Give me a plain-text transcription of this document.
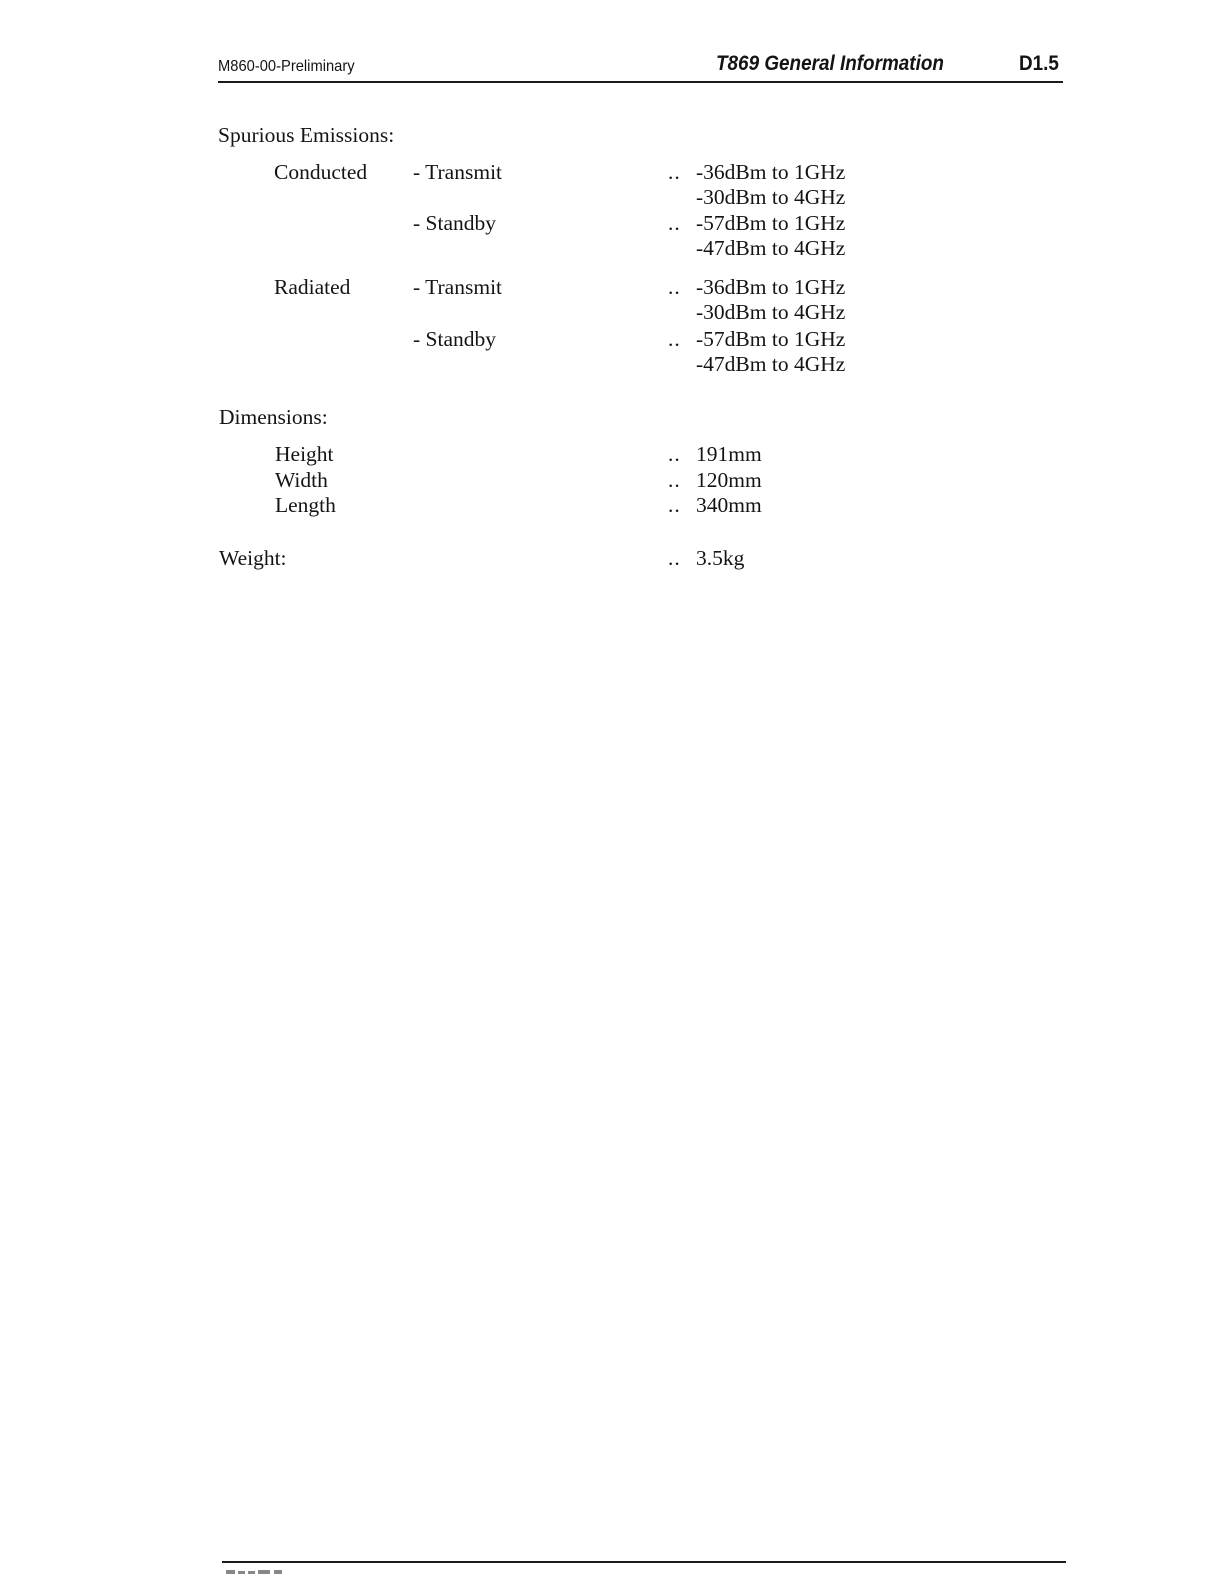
M860-00-Preliminary	T869 General Information	D1.5
Spurious Emissions:
Conducted - Transmit	.. -36dBm to 1GHz
-30dBm to 4GHz
- Standby	.. -57dBm to 1GHz
-47dBm to 4GHz
Radiated	- Transmit	.. -36dBm to 1GHz
-30dBm to 4GHz
- Standby	.. -57dBm to 1GHz
-47dBm to 4GHz
Dimensions:
Height	.. 191mm
Width	.. 120mm
Length	.. 340mm
Weight:	.. 3.5kg
